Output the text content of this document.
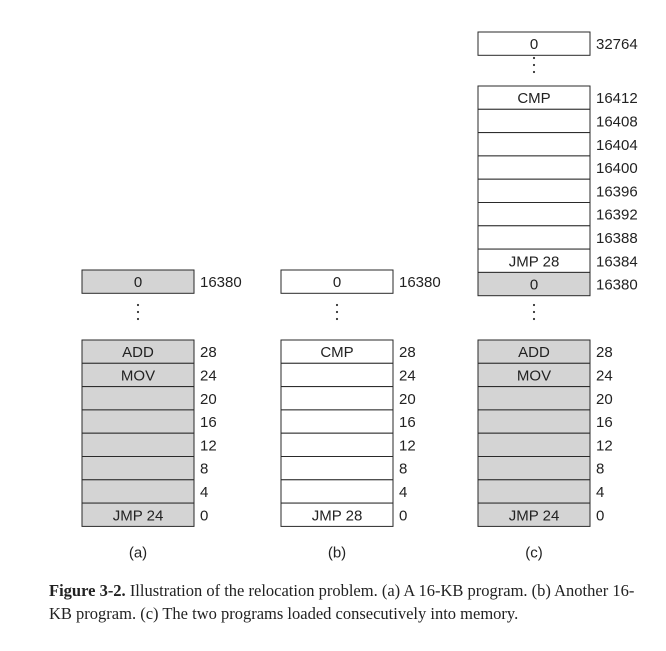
0	16380
ADD	28
MOV	24
20
16
12
8
4
JMP 24 0
(a)
0	16380
CMP	28
24
20
16
12
8
4
JMP 28 0
(b)
0	32764
CMP	16412
16408
16404
16400
16396
16392
16388
JMP 28 16384
0	16380
ADD	28
MOV	24
20
16
12
8
4
JMP 24 0
(c)
Figure 3-2. Illustration of the relocation problem. (a) A 16-KB program. (b) Another 16-KB program. (c) The two programs loaded consecutively into memory.
